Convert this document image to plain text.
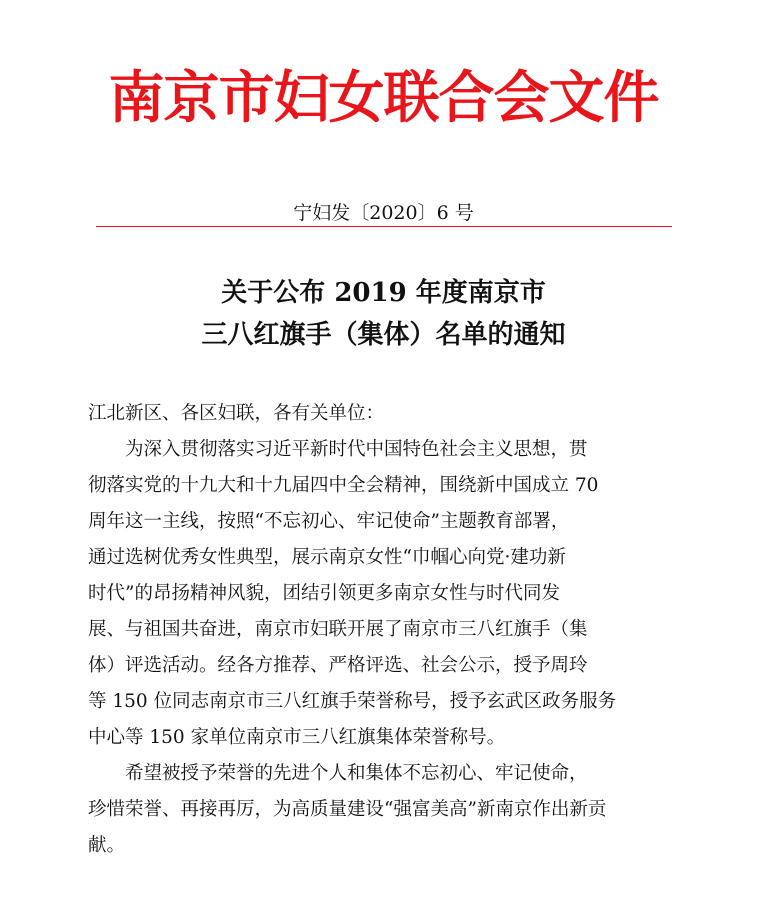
南京市妇女联合会文件
宁妇发〔2020〕6 号
关于公布 2019 年度南京市
三八红旗手（集体）名单的通知
江北新区、各区妇联，各有关单位：
为深入贯彻落实习近平新时代中国特色社会主义思想，贯
彻落实党的十九大和十九届四中全会精神，围绕新中国成立 70
周年这一主线，按照“不忘初心、牢记使命”主题教育部署，
通过选树优秀女性典型，展示南京女性“巾帼心向党·建功新
时代”的昂扬精神风貌，团结引领更多南京女性与时代同发
展、与祖国共奋进，南京市妇联开展了南京市三八红旗手（集
体）评选活动。经各方推荐、严格评选、社会公示，授予周玲
等 150 位同志南京市三八红旗手荣誉称号，授予玄武区政务服务
中心等 150 家单位南京市三八红旗集体荣誉称号。
希望被授予荣誉的先进个人和集体不忘初心、牢记使命，
珍惜荣誉、再接再厉，为高质量建设“强富美高”新南京作出新贡
献。
